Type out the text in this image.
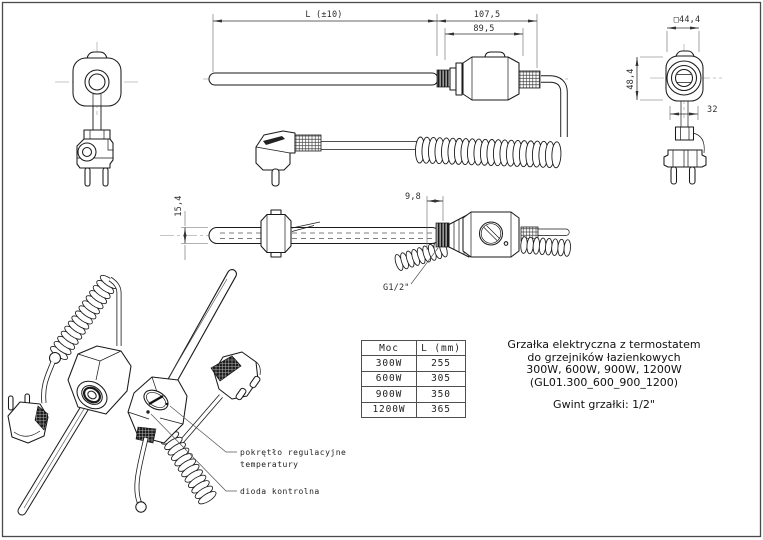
L (±10)	107,5
89,5
□44,4
48,4
32
15,4	9,8
G1/2"
pokrętło regulacyjne
temperatury
dioda kontrolna
Moc	L (mm)
300W	255
600W	305
900W	350
1200W	365
Grzałka elektryczna z termostatem
do grzejników łazienkowych
300W, 600W, 900W, 1200W
(GL01.300_600_900_1200)
Gwint grzałki: 1/2"
